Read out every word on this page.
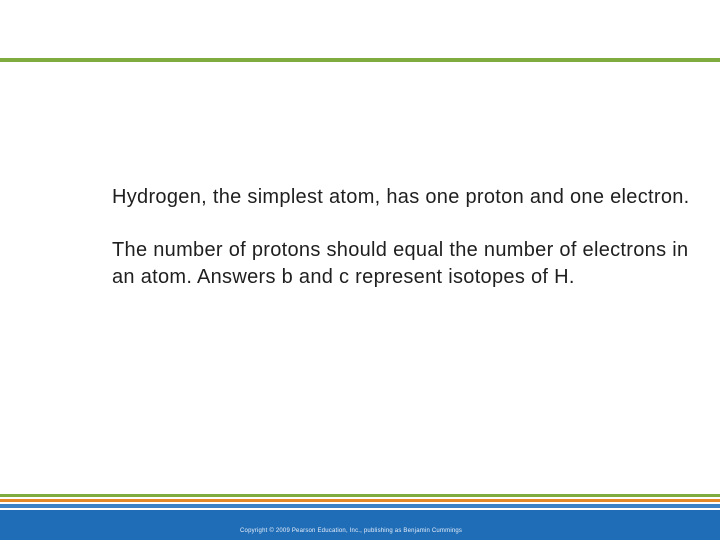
Hydrogen, the simplest atom, has one proton and one electron.

The number of protons should equal the number of electrons in an atom. Answers b and c represent isotopes of H.

Copyright © 2009 Pearson Education, Inc., publishing as Benjamin Cummings
